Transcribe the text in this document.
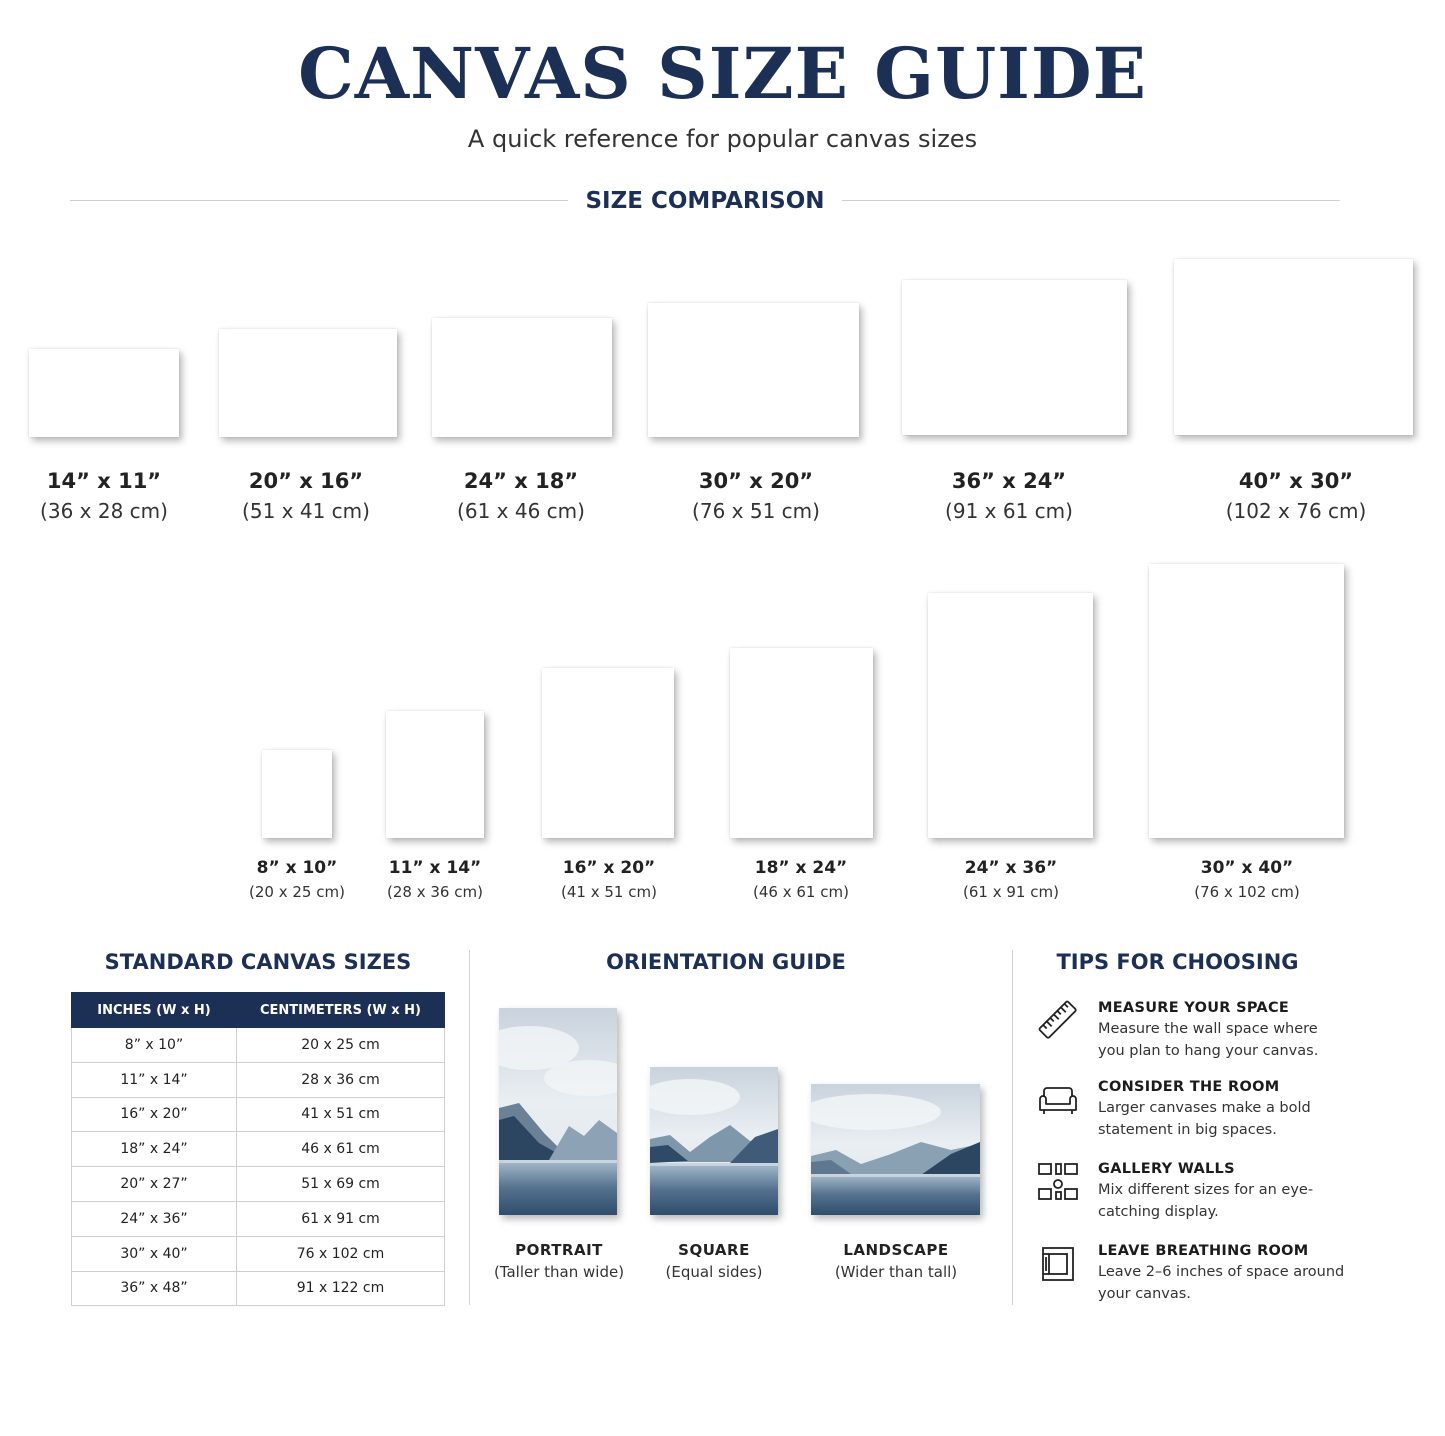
CANVAS SIZE GUIDE
A quick reference for popular canvas sizes
SIZE COMPARISON
14” x 11”
(36 x 28 cm)
20” x 16”
(51 x 41 cm)
24” x 18”
(61 x 46 cm)
30” x 20”
(76 x 51 cm)
36” x 24”
(91 x 61 cm)
40” x 30”
(102 x 76 cm)
8” x 10”
(20 x 25 cm)
11” x 14”
(28 x 36 cm)
16” x 20”
(41 x 51 cm)
18” x 24”
(46 x 61 cm)
24” x 36”
(61 x 91 cm)
30” x 40”
(76 x 102 cm)
STANDARD CANVAS SIZES
INCHES (W x H)	CENTIMETERS (W x H)
8” x 10”	20 x 25 cm
11” x 14”	28 x 36 cm
16” x 20”	41 x 51 cm
18” x 24”	46 x 61 cm
20” x 27”	51 x 69 cm
24” x 36”	61 x 91 cm
30” x 40”	76 x 102 cm
36” x 48”	91 x 122 cm
ORIENTATION GUIDE
PORTRAIT
(Taller than wide)
SQUARE
(Equal sides)
LANDSCAPE
(Wider than tall)
TIPS FOR CHOOSING
MEASURE YOUR SPACE
Measure the wall space where you plan to hang your canvas.
CONSIDER THE ROOM
Larger canvases make a bold statement in big spaces.
GALLERY WALLS
Mix different sizes for an eye-catching display.
LEAVE BREATHING ROOM
Leave 2–6 inches of space around your canvas.
